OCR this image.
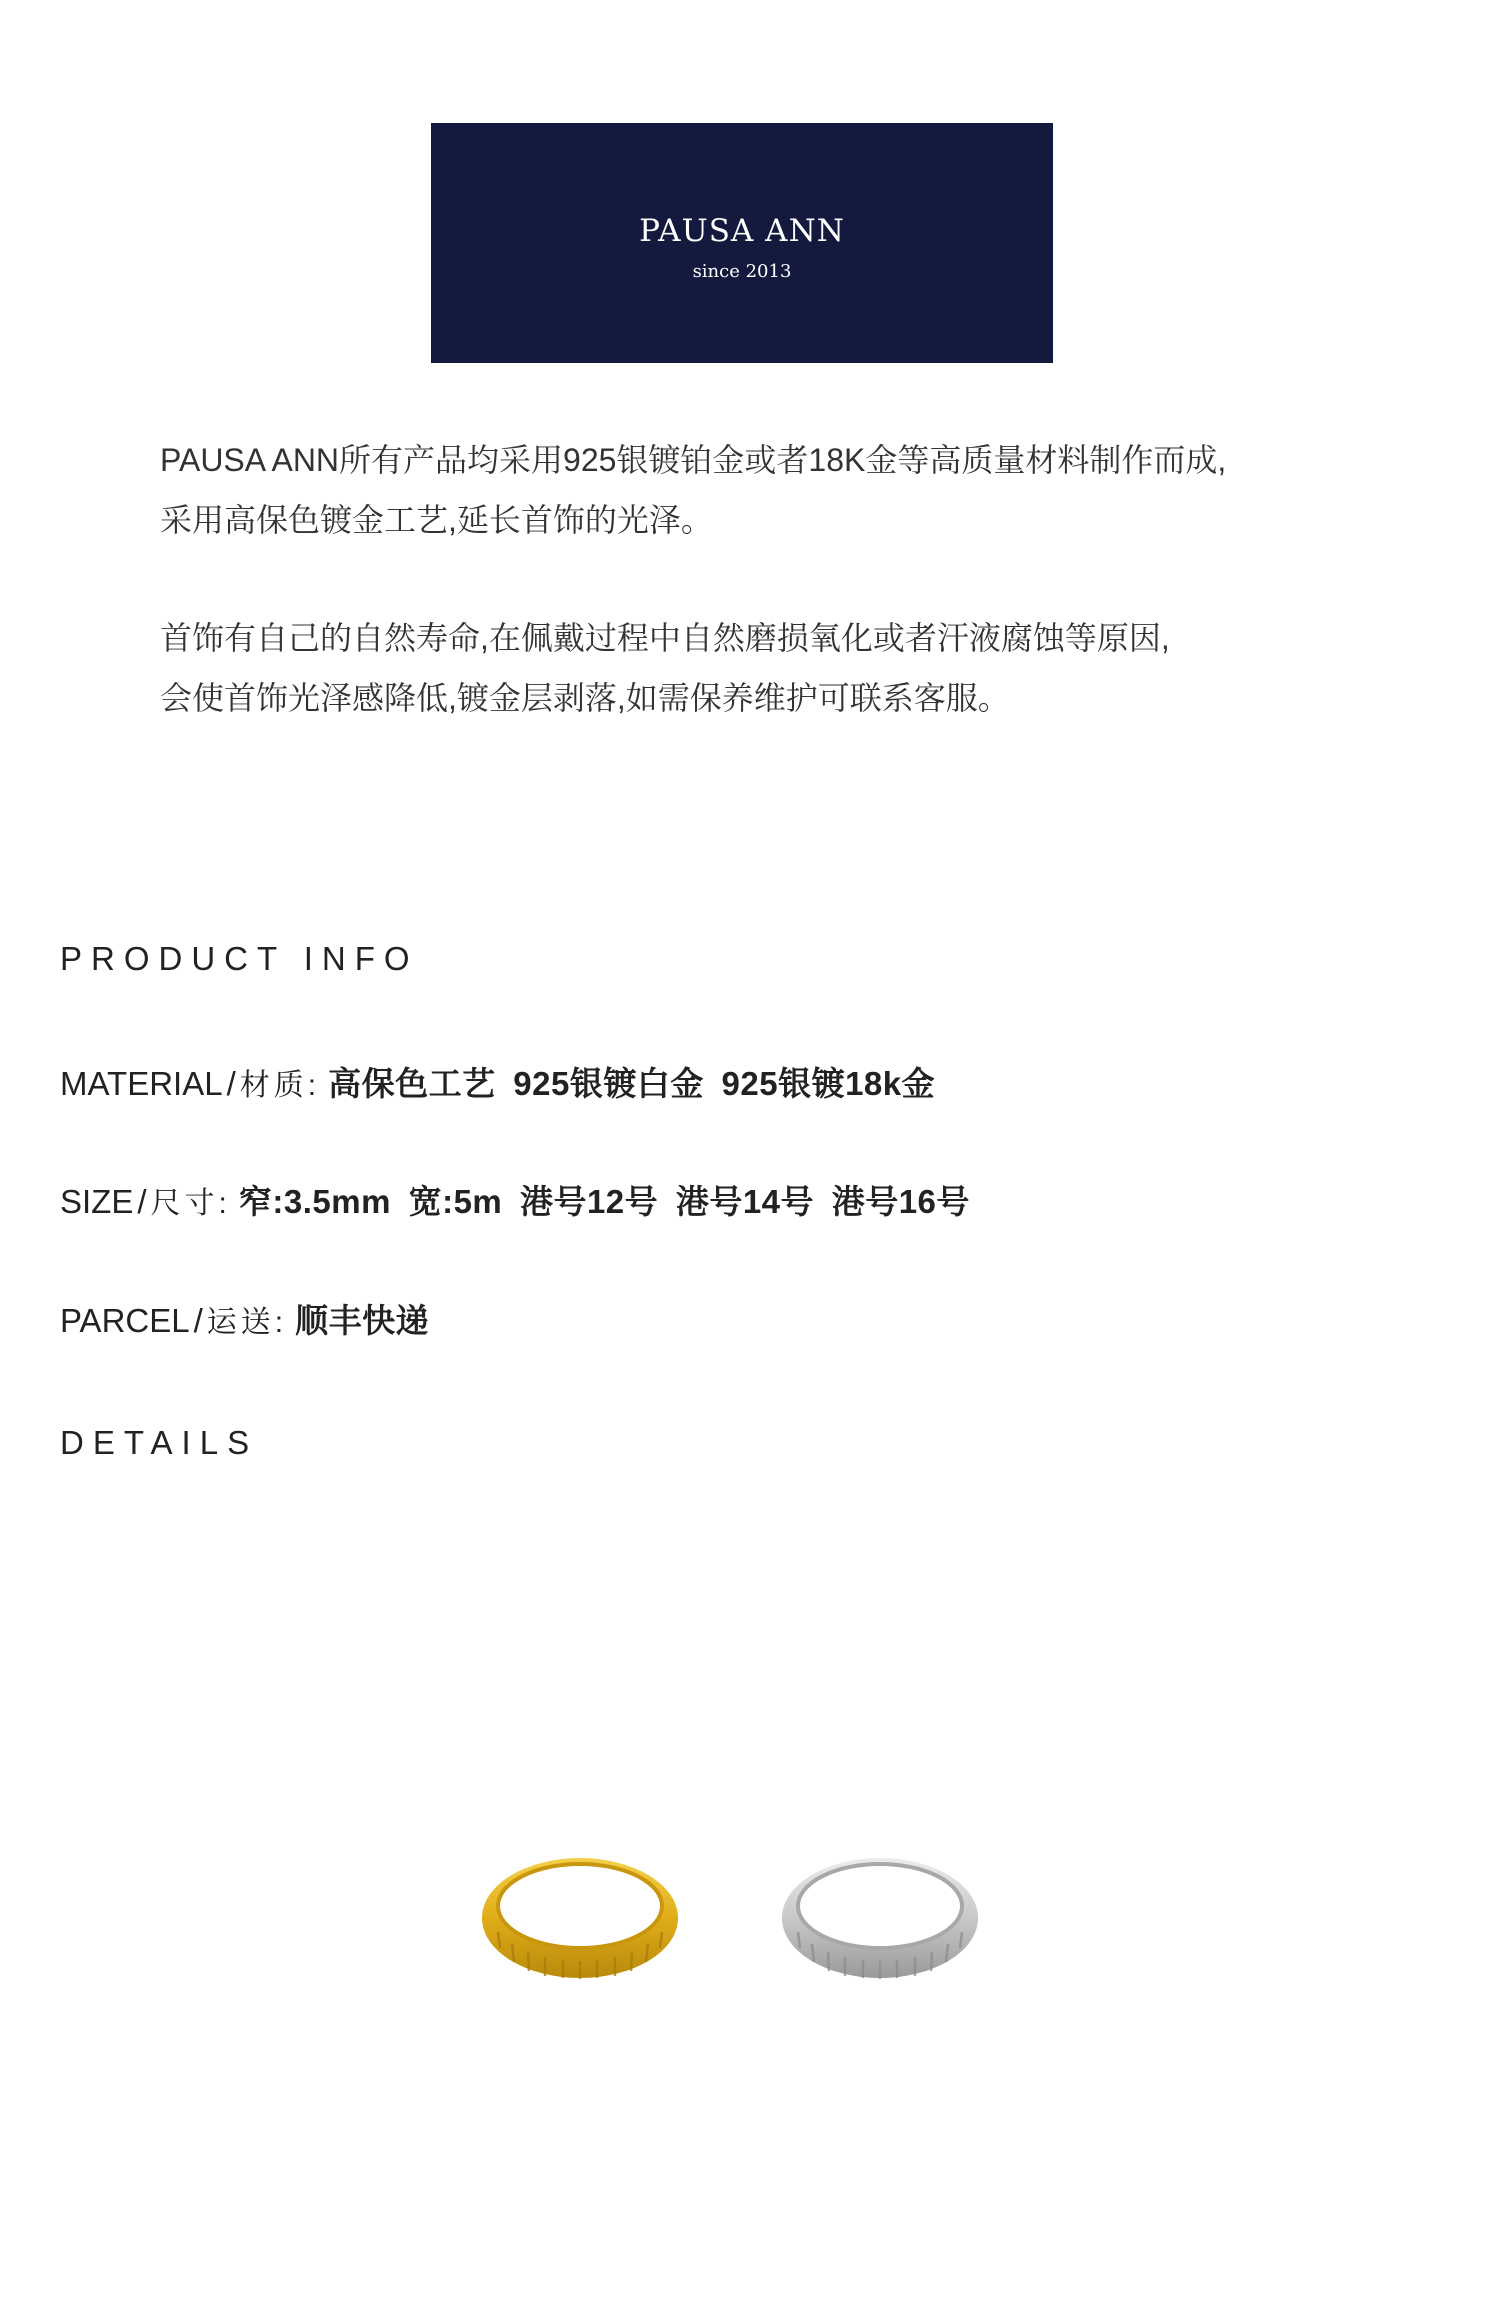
PAUSA ANN
since 2013

PAUSA ANN所有产品均采用925银镀铂金或者18K金等高质量材料制作而成,

采用高保色镀金工艺,延长首饰的光泽。

首饰有自己的自然寿命,在佩戴过程中自然磨损氧化或者汗液腐蚀等原因,

会使首饰光泽感降低,镀金层剥落,如需保养维护可联系客服。

PRODUCT INFO
MATERIAL / 材质: 高保色工艺 925银镀白金 925银镀18k金
SIZE / 尺寸: 窄:3.5mm 宽:5m 港号12号 港号14号 港号16号
PARCEL / 运送: 顺丰快递
DETAILS
